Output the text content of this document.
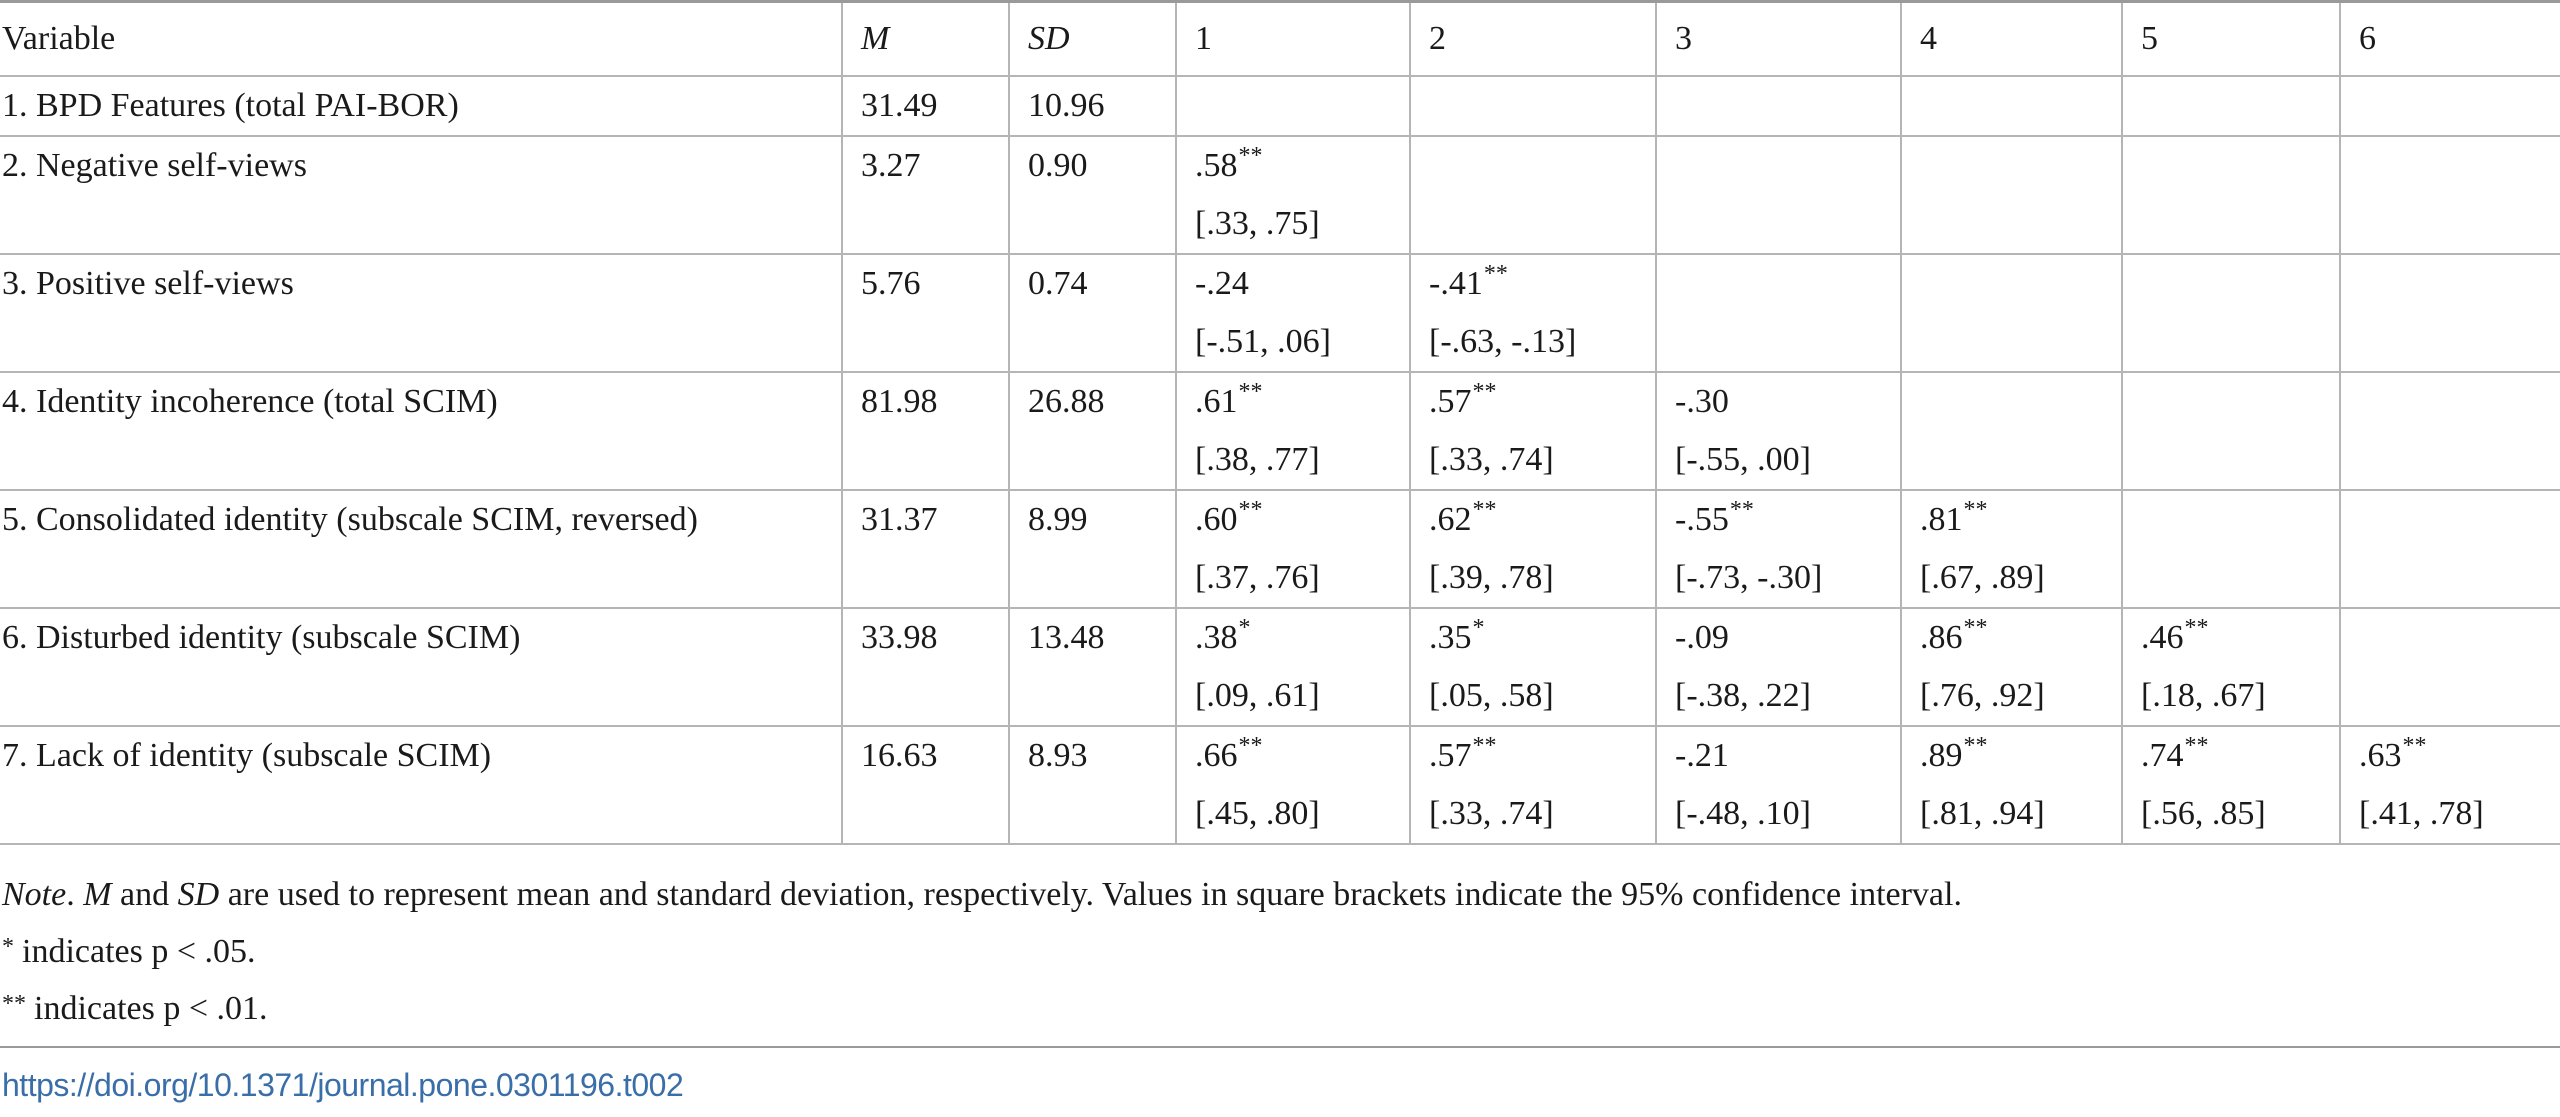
Variable	M	SD	1	2	3	4	5	6
1. BPD Features (total PAI-BOR)	31.49	10.96						
2. Negative self-views	3.27	0.90	.58**					
			[.33, .75]					
3. Positive self-views	5.76	0.74	-.24	-.41**				
			[-.51, .06]	[-.63, -.13]				
4. Identity incoherence (total SCIM)	81.98	26.88	.61**	.57**	-.30			
			[.38, .77]	[.33, .74]	[-.55, .00]			
5. Consolidated identity (subscale SCIM, reversed)	31.37	8.99	.60**	.62**	-.55**	.81**		
			[.37, .76]	[.39, .78]	[-.73, -.30]	[.67, .89]		
6. Disturbed identity (subscale SCIM)	33.98	13.48	.38*	.35*	-.09	.86**	.46**	
			[.09, .61]	[.05, .58]	[-.38, .22]	[.76, .92]	[.18, .67]	
7. Lack of identity (subscale SCIM)	16.63	8.93	.66**	.57**	-.21	.89**	.74**	.63**
			[.45, .80]	[.33, .74]	[-.48, .10]	[.81, .94]	[.56, .85]	[.41, .78]
Note. M and SD are used to represent mean and standard deviation, respectively. Values in square brackets indicate the 95% confidence interval.
* indicates p < .05.
** indicates p < .01.
https://doi.org/10.1371/journal.pone.0301196.t002
